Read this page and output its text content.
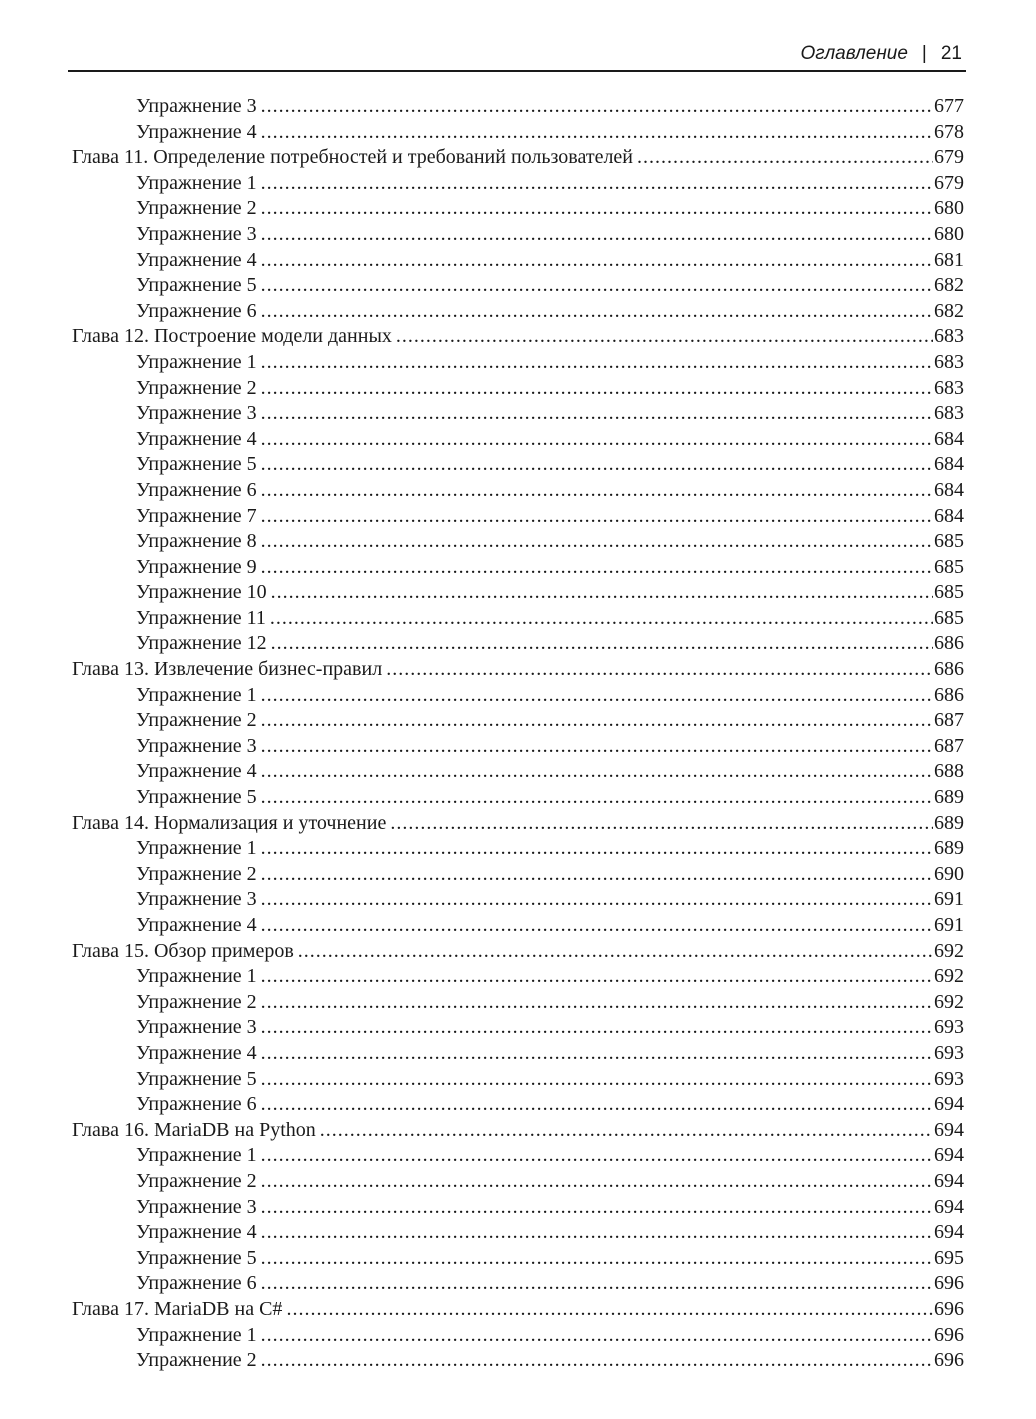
Оглавление | 21
Упражнение 3 .....	677
Упражнение 4 .....	678
Глава 11. Определение потребностей и требований пользователей .....	679
Упражнение 1 .....	679
Упражнение 2 .....	680
Упражнение 3 .....	680
Упражнение 4 .....	681
Упражнение 5 .....	682
Упражнение 6 .....	682
Глава 12. Построение модели данных .....	683
Упражнение 1 .....	683
Упражнение 2 .....	683
Упражнение 3 .....	683
Упражнение 4 .....	684
Упражнение 5 .....	684
Упражнение 6 .....	684
Упражнение 7 .....	684
Упражнение 8 .....	685
Упражнение 9 .....	685
Упражнение 10 .....	685
Упражнение 11 .....	685
Упражнение 12 .....	686
Глава 13. Извлечение бизнес-правил .....	686
Упражнение 1 .....	686
Упражнение 2 .....	687
Упражнение 3 .....	687
Упражнение 4 .....	688
Упражнение 5 .....	689
Глава 14. Нормализация и уточнение .....	689
Упражнение 1 .....	689
Упражнение 2 .....	690
Упражнение 3 .....	691
Упражнение 4 .....	691
Глава 15. Обзор примеров .....	692
Упражнение 1 .....	692
Упражнение 2 .....	692
Упражнение 3 .....	693
Упражнение 4 .....	693
Упражнение 5 .....	693
Упражнение 6 .....	694
Глава 16. MariaDB на Python .....	694
Упражнение 1 .....	694
Упражнение 2 .....	694
Упражнение 3 .....	694
Упражнение 4 .....	694
Упражнение 5 .....	695
Упражнение 6 .....	696
Глава 17. MariaDB на C# .....	696
Упражнение 1 .....	696
Упражнение 2 .....	696
